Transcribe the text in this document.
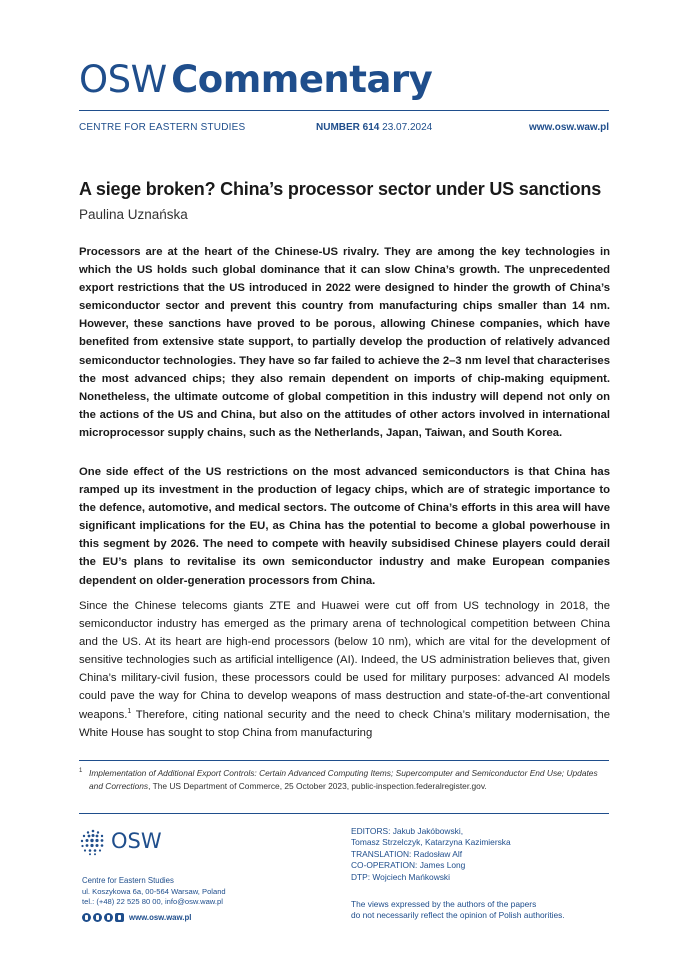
OSW Commentary
CENTRE FOR EASTERN STUDIES	NUMBER 614 23.07.2024	www.osw.waw.pl
A siege broken? China’s processor sector under US sanctions
Paulina Uznańska

Processors are at the heart of the Chinese-US rivalry. They are among the key technologies in which the US holds such global dominance that it can slow China’s growth. The unprecedented export restrictions that the US introduced in 2022 were designed to hinder the growth of China’s semiconductor sector and prevent this country from manufacturing chips smaller than 14 nm. However, these sanctions have proved to be porous, allowing Chinese companies, which have benefited from extensive state support, to partially develop the production of relatively advanced semiconductor technologies. They have so far failed to achieve the 2–3 nm level that characterises the most advanced chips; they also remain dependent on imports of chip-making equipment. Nonetheless, the ultimate outcome of global competition in this industry will depend not only on the actions of the US and China, but also on the attitudes of other actors involved in international microprocessor supply chains, such as the Netherlands, Japan, Taiwan, and South Korea.

One side effect of the US restrictions on the most advanced semiconductors is that China has ramped up its investment in the production of legacy chips, which are of strategic importance to the defence, automotive, and medical sectors. The outcome of China’s efforts in this area will have significant implications for the EU, as China has the potential to become a global powerhouse in this segment by 2026. The need to compete with heavily subsidised Chinese players could derail the EU’s plans to revitalise its own semiconductor industry and make European companies dependent on older-generation processors from China.

Since the Chinese telecoms giants ZTE and Huawei were cut off from US technology in 2018, the semiconductor industry has emerged as the primary arena of technological competition between China and the US. At its heart are high-end processors (below 10 nm), which are vital for the development of sensitive technologies such as artificial intelligence (AI). Indeed, the US administration believes that, given China’s military-civil fusion, these processors could be used for military purposes: advanced AI models could pave the way for China to develop weapons of mass destruction and state-of-the-art conventional weapons.$^1$ Therefore, citing national security and the need to check China’s military modernisation, the White House has sought to stop China from manufacturing

1 Implementation of Additional Export Controls: Certain Advanced Computing Items; Supercomputer and Semiconductor End Use; Updates and Corrections, The US Department of Commerce, 25 October 2023, public-inspection.federalregister.gov.
OSW
Centre for Eastern Studies
ul. Koszykowa 6a, 00-564 Warsaw, Poland
tel.: (+48) 22 525 80 00, info@osw.waw.pl
www.osw.waw.pl
EDITORS: Jakub Jakóbowski,
Tomasz Strzelczyk, Katarzyna Kazimierska
TRANSLATION: Radosław Alf
CO-OPERATION: James Long
DTP: Wojciech Mańkowski
The views expressed by the authors of the papers
do not necessarily reflect the opinion of Polish authorities.
